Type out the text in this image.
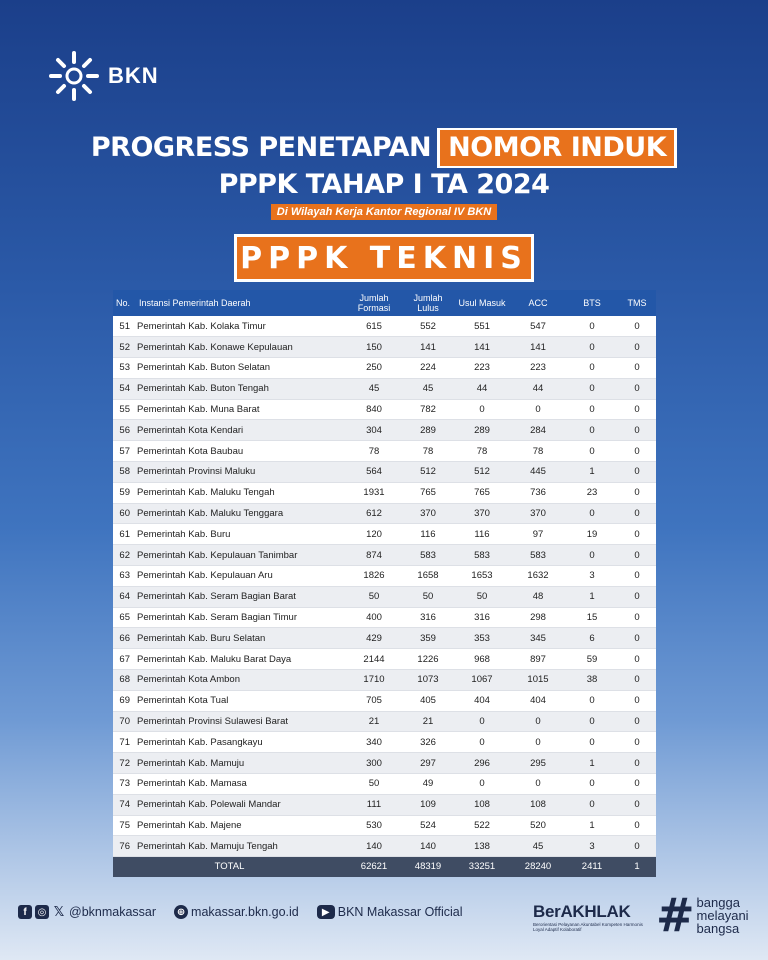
BKN
PROGRESS PENETAPAN NOMOR INDUK
PPPK TAHAP I TA 2024
Di Wilayah Kerja Kantor Regional IV BKN
PPPK TEKNIS
No.	Instansi Pemerintah Daerah	Jumlah Formasi	Jumlah Lulus	Usul Masuk	ACC	BTS	TMS
51	Pemerintah Kab. Kolaka Timur	615	552	551	547	0	0
52	Pemerintah Kab. Konawe Kepulauan	150	141	141	141	0	0
53	Pemerintah Kab. Buton Selatan	250	224	223	223	0	0
54	Pemerintah Kab. Buton Tengah	45	45	44	44	0	0
55	Pemerintah Kab. Muna Barat	840	782	0	0	0	0
56	Pemerintah Kota Kendari	304	289	289	284	0	0
57	Pemerintah Kota Baubau	78	78	78	78	0	0
58	Pemerintah Provinsi Maluku	564	512	512	445	1	0
59	Pemerintah Kab. Maluku Tengah	1931	765	765	736	23	0
60	Pemerintah Kab. Maluku Tenggara	612	370	370	370	0	0
61	Pemerintah Kab. Buru	120	116	116	97	19	0
62	Pemerintah Kab. Kepulauan Tanimbar	874	583	583	583	0	0
63	Pemerintah Kab. Kepulauan Aru	1826	1658	1653	1632	3	0
64	Pemerintah Kab. Seram Bagian Barat	50	50	50	48	1	0
65	Pemerintah Kab. Seram Bagian Timur	400	316	316	298	15	0
66	Pemerintah Kab. Buru Selatan	429	359	353	345	6	0
67	Pemerintah Kab. Maluku Barat Daya	2144	1226	968	897	59	0
68	Pemerintah Kota Ambon	1710	1073	1067	1015	38	0
69	Pemerintah Kota Tual	705	405	404	404	0	0
70	Pemerintah Provinsi Sulawesi Barat	21	21	0	0	0	0
71	Pemerintah Kab. Pasangkayu	340	326	0	0	0	0
72	Pemerintah Kab. Mamuju	300	297	296	295	1	0
73	Pemerintah Kab. Mamasa	50	49	0	0	0	0
74	Pemerintah Kab. Polewali Mandar	111	109	108	108	0	0
75	Pemerintah Kab. Majene	530	524	522	520	1	0
76	Pemerintah Kab. Mamuju Tengah	140	140	138	45	3	0
TOTAL		62621	48319	33251	28240	2411	1
f	◎ 𝕏 @bknmakassar ⊕ makassar.bkn.go.id	▶ BKN Makassar Official	BerAKHLAK
Berorientasi Pelayanan Akuntabel Kompeten Harmonis Loyal Adaptif Kolaboratif	# bangga
melayani
bangsa
